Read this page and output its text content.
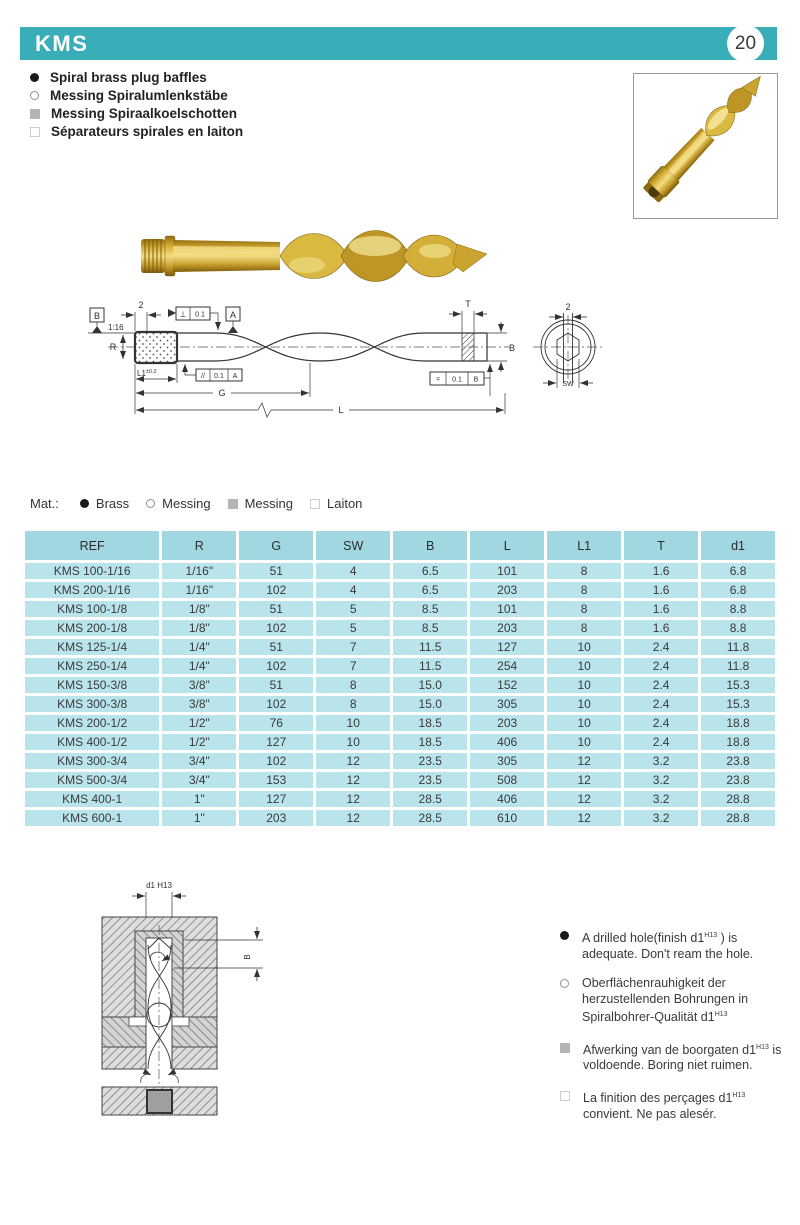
KMS	20
Spiral brass plug baffles
Messing Spiralumlenkstäbe
Messing Spiraalkoelschotten
Séparateurs spirales en laiton
B
1:16
2
R
⊥ 0.1	A
// 0.1 A
$L1^{\pm 0.2}$
G
L
T
B
= 0.1 B
2
SW
Mat.:	Brass	Messing	Messing	Laiton
REF	R	G	SW	B	L	L1	T	d1
KMS 100-1/16	1/16"	51	4	6.5	101	8	1.6	6.8
KMS 200-1/16	1/16"	102	4	6.5	203	8	1.6	6.8
KMS 100-1/8	1/8"	51	5	8.5	101	8	1.6	8.8
KMS 200-1/8	1/8"	102	5	8.5	203	8	1.6	8.8
KMS 125-1/4	1/4"	51	7	11.5	127	10	2.4	11.8
KMS 250-1/4	1/4"	102	7	11.5	254	10	2.4	11.8
KMS 150-3/8	3/8"	51	8	15.0	152	10	2.4	15.3
KMS 300-3/8	3/8"	102	8	15.0	305	10	2.4	15.3
KMS 200-1/2	1/2"	76	10	18.5	203	10	2.4	18.8
KMS 400-1/2	1/2"	127	10	18.5	406	10	2.4	18.8
KMS 300-3/4	3/4"	102	12	23.5	305	12	3.2	23.8
KMS 500-3/4	3/4"	153	12	23.5	508	12	3.2	23.8
KMS 400-1	1"	127	12	28.5	406	12	3.2	28.8
KMS 600-1	1"	203	12	28.5	610	12	3.2	28.8
d1 H13
B
A drilled hole(finish $d1^{H13}$ ) is adequate. Don't ream the hole.
Oberflächenrauhigkeit der herzustellenden Bohrungen in Spiralbohrer-Qualität $d1^{H13}$
Afwerking van de boorgaten $d1^{H13}$ is voldoende. Boring niet ruimen.
La finition des perçages $d1^{H13}$ convient. Ne pas alesér.
